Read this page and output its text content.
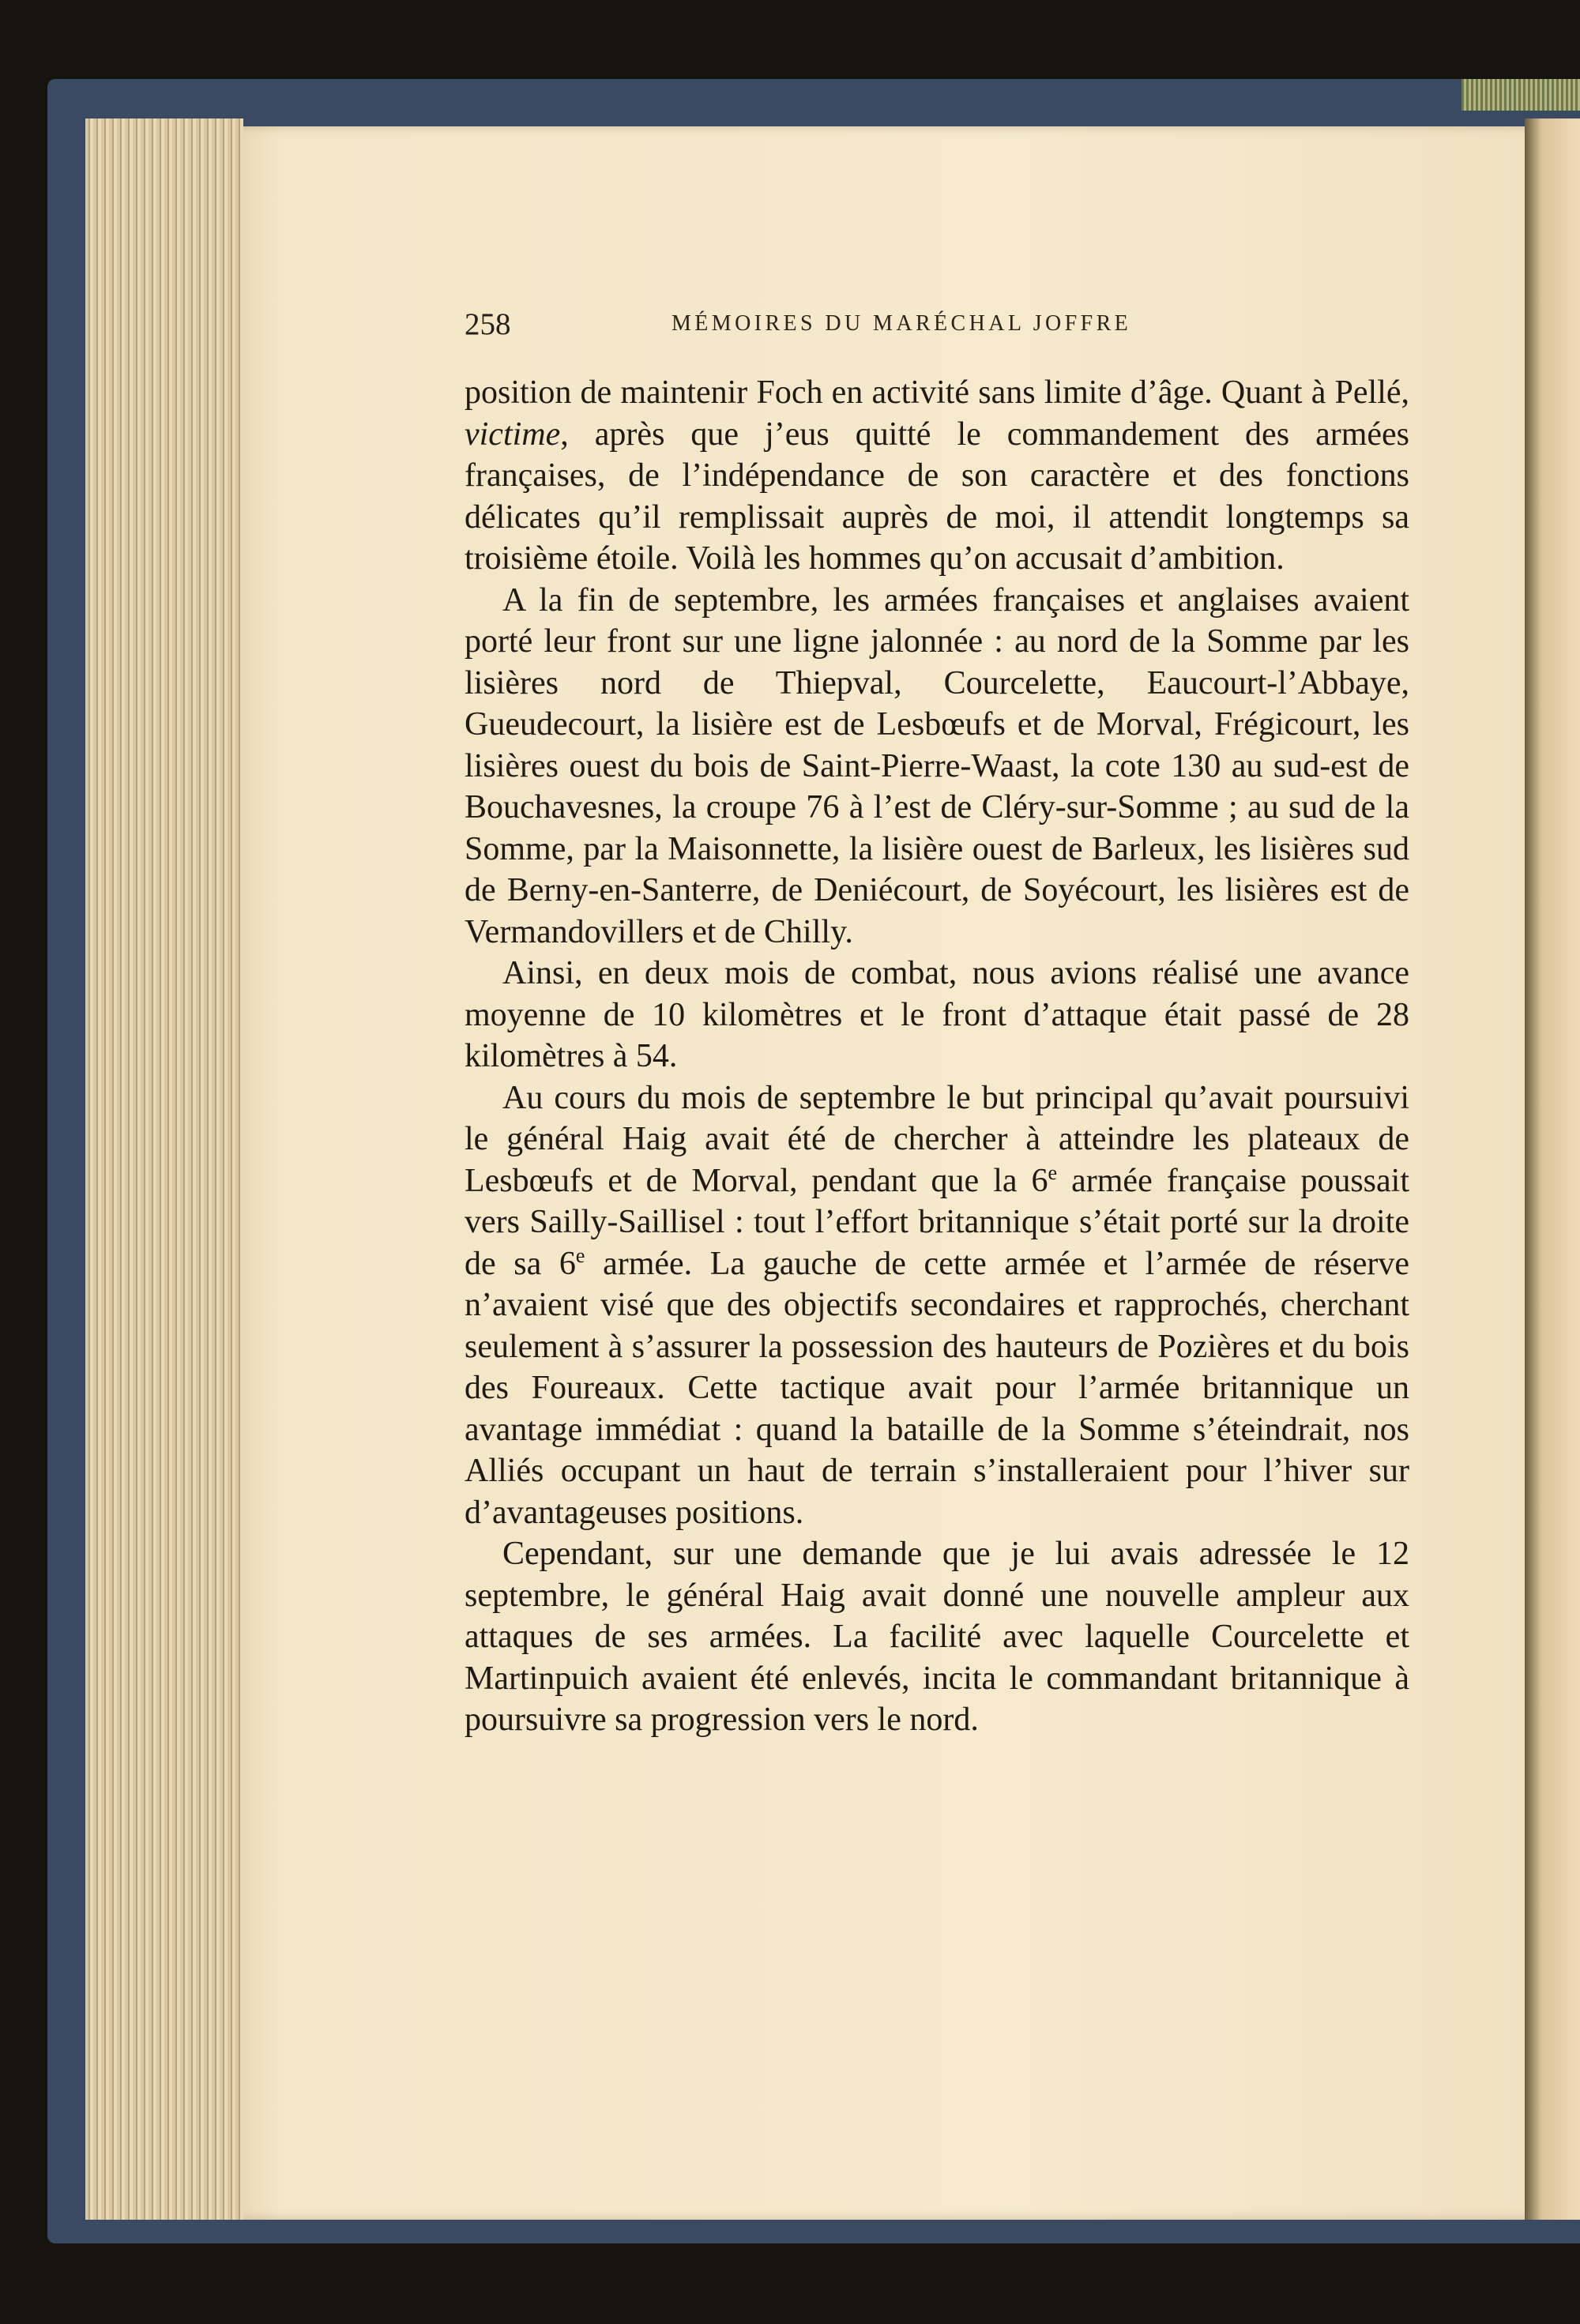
258	MÉMOIRES DU MARÉCHAL JOFFRE

position de maintenir Foch en activité sans limite d’âge. Quant à Pellé, victime, après que j’eus quitté le commandement des armées françaises, de l’indépendance de son caractère et des fonctions délicates qu’il remplissait auprès de moi, il attendit longtemps sa troisième étoile. Voilà les hommes qu’on accusait d’ambition.

A la fin de septembre, les armées françaises et anglaises avaient porté leur front sur une ligne jalonnée : au nord de la Somme par les lisières nord de Thiepval, Courcelette, Eaucourt-l’Abbaye, Gueudecourt, la lisière est de Lesbœufs et de Morval, Frégicourt, les lisières ouest du bois de Saint-Pierre-Waast, la cote 130 au sud-est de Bouchavesnes, la croupe 76 à l’est de Cléry-sur-Somme ; au sud de la Somme, par la Maisonnette, la lisière ouest de Barleux, les lisières sud de Berny-en-Santerre, de Deniécourt, de Soyécourt, les lisières est de Vermandovillers et de Chilly.

Ainsi, en deux mois de combat, nous avions réalisé une avance moyenne de 10 kilomètres et le front d’attaque était passé de 28 kilomètres à 54.

Au cours du mois de septembre le but principal qu’avait poursuivi le général Haig avait été de chercher à atteindre les plateaux de Lesbœufs et de Morval, pendant que la 6e armée française poussait vers Sailly-Saillisel : tout l’effort britannique s’était porté sur la droite de sa 6e armée. La gauche de cette armée et l’armée de réserve n’avaient visé que des objectifs secondaires et rapprochés, cherchant seulement à s’assurer la possession des hauteurs de Pozières et du bois des Foureaux. Cette tactique avait pour l’armée britannique un avantage immédiat : quand la bataille de la Somme s’éteindrait, nos Alliés occupant un haut de terrain s’installeraient pour l’hiver sur d’avantageuses positions.

Cependant, sur une demande que je lui avais adressée le 12 septembre, le général Haig avait donné une nouvelle ampleur aux attaques de ses armées. La facilité avec laquelle Courcelette et Martinpuich avaient été enlevés, incita le commandant britannique à poursuivre sa progression vers le nord.
